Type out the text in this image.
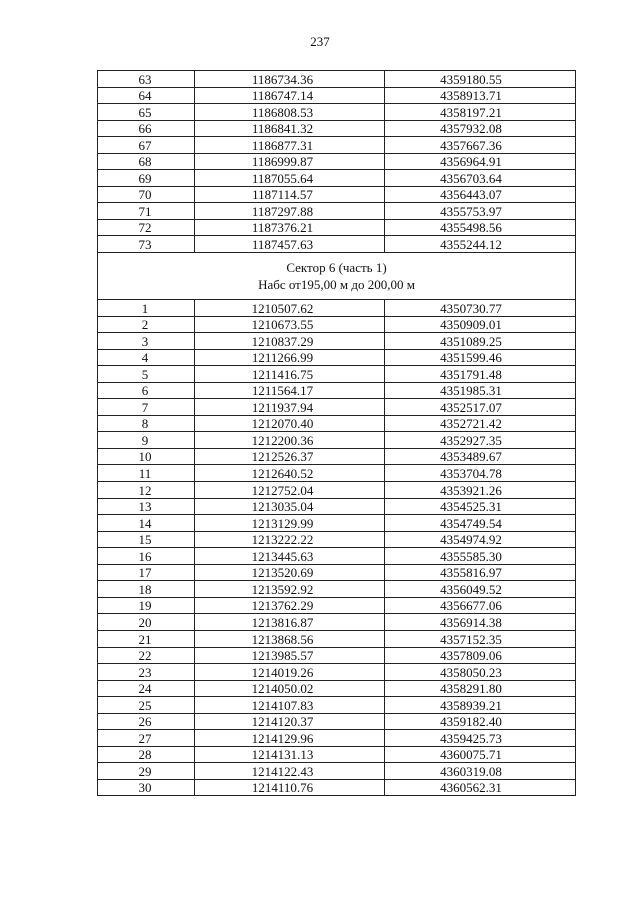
237
63	1186734.36	4359180.55
64	1186747.14	4358913.71
65	1186808.53	4358197.21
66	1186841.32	4357932.08
67	1186877.31	4357667.36
68	1186999.87	4356964.91
69	1187055.64	4356703.64
70	1187114.57	4356443.07
71	1187297.88	4355753.97
72	1187376.21	4355498.56
73	1187457.63	4355244.12

Сектор 6 (часть 1)
Набс от195,00 м до 200,00 м		

1	1210507.62	4350730.77
2	1210673.55	4350909.01
3	1210837.29	4351089.25
4	1211266.99	4351599.46
5	1211416.75	4351791.48
6	1211564.17	4351985.31
7	1211937.94	4352517.07
8	1212070.40	4352721.42
9	1212200.36	4352927.35
10	1212526.37	4353489.67
11	1212640.52	4353704.78
12	1212752.04	4353921.26
13	1213035.04	4354525.31
14	1213129.99	4354749.54
15	1213222.22	4354974.92
16	1213445.63	4355585.30
17	1213520.69	4355816.97
18	1213592.92	4356049.52
19	1213762.29	4356677.06
20	1213816.87	4356914.38
21	1213868.56	4357152.35
22	1213985.57	4357809.06
23	1214019.26	4358050.23
24	1214050.02	4358291.80
25	1214107.83	4358939.21
26	1214120.37	4359182.40
27	1214129.96	4359425.73
28	1214131.13	4360075.71
29	1214122.43	4360319.08
30	1214110.76	4360562.31
